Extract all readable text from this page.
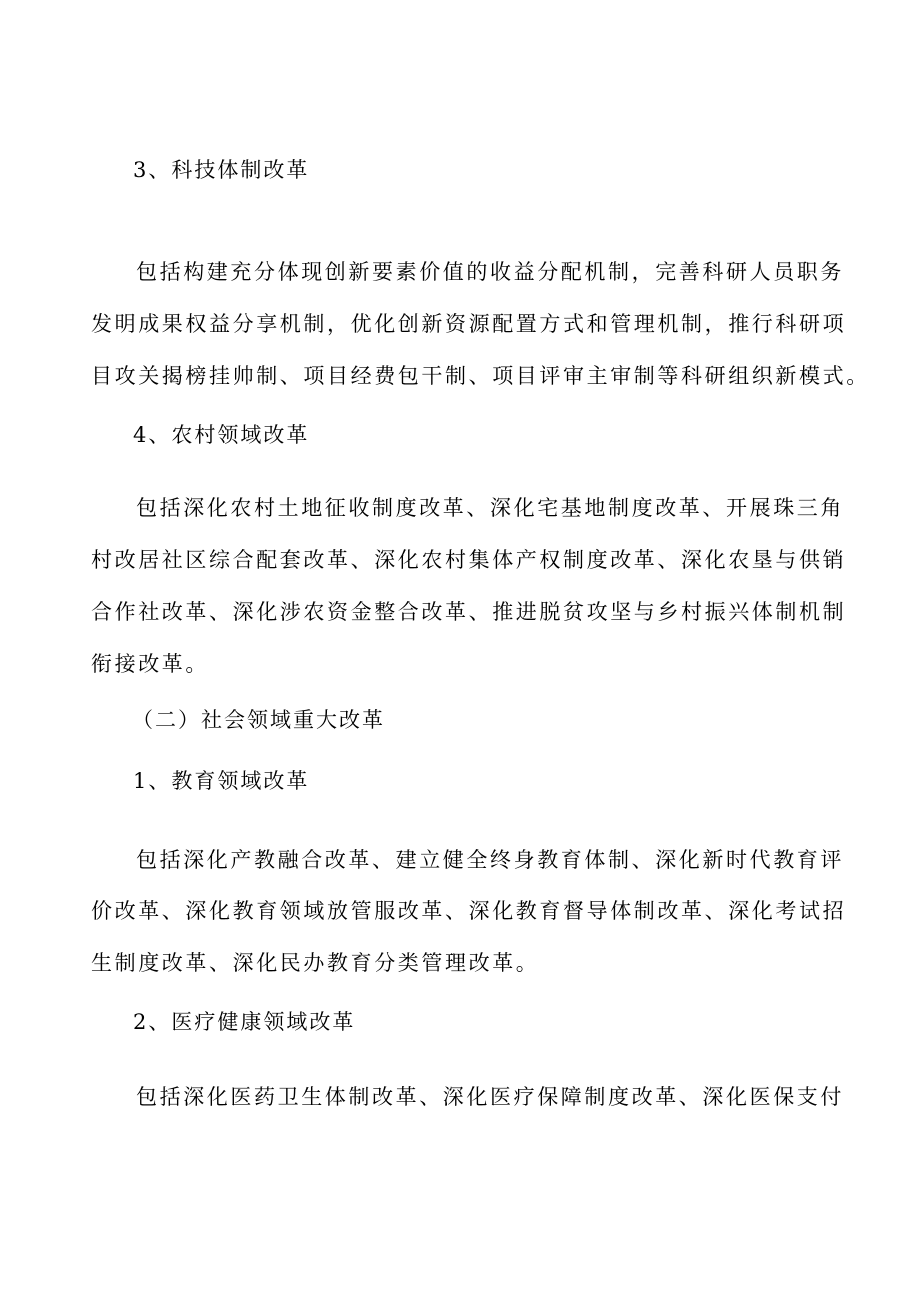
3、科技体制改革
包括构建充分体现创新要素价值的收益分配机制，完善科研人员职务
发明成果权益分享机制，优化创新资源配置方式和管理机制，推行科研项
目攻关揭榜挂帅制、项目经费包干制、项目评审主审制等科研组织新模式。
4、农村领域改革
包括深化农村土地征收制度改革、深化宅基地制度改革、开展珠三角
村改居社区综合配套改革、深化农村集体产权制度改革、深化农垦与供销
合作社改革、深化涉农资金整合改革、推进脱贫攻坚与乡村振兴体制机制
衔接改革。
（二）社会领域重大改革
1、教育领域改革
包括深化产教融合改革、建立健全终身教育体制、深化新时代教育评
价改革、深化教育领域放管服改革、深化教育督导体制改革、深化考试招
生制度改革、深化民办教育分类管理改革。
2、医疗健康领域改革
包括深化医药卫生体制改革、深化医疗保障制度改革、深化医保支付
